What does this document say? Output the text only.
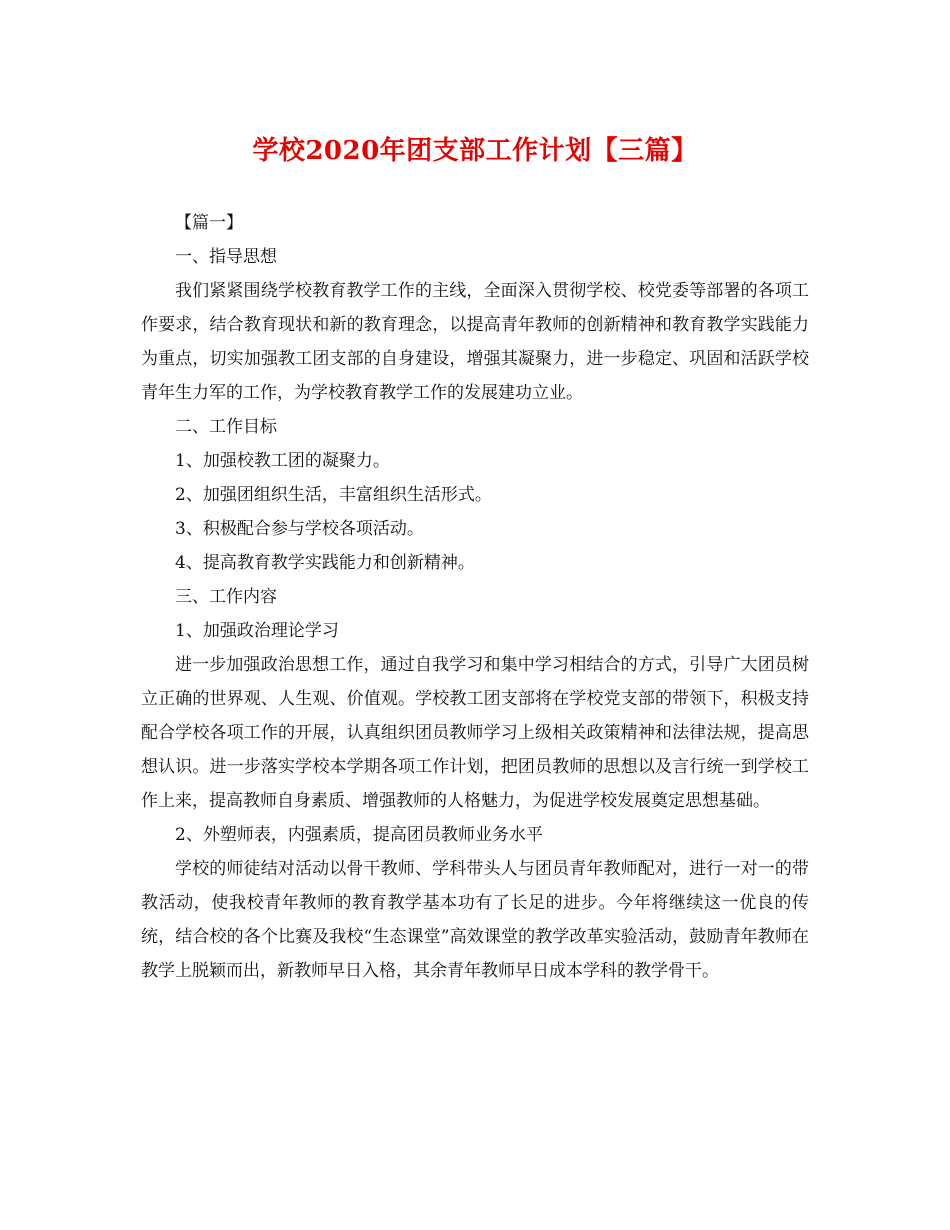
学校2020年团支部工作计划【三篇】

【篇一】

一、指导思想

我们紧紧围绕学校教育教学工作的主线，全面深入贯彻学校、校党委等部署的各项工作要求，结合教育现状和新的教育理念，以提高青年教师的创新精神和教育教学实践能力为重点，切实加强教工团支部的自身建设，增强其凝聚力，进一步稳定、巩固和活跃学校青年生力军的工作，为学校教育教学工作的发展建功立业。

二、工作目标

1、加强校教工团的凝聚力。

2、加强团组织生活，丰富组织生活形式。

3、积极配合参与学校各项活动。

4、提高教育教学实践能力和创新精神。

三、工作内容

1、加强政治理论学习

进一步加强政治思想工作，通过自我学习和集中学习相结合的方式，引导广大团员树立正确的世界观、人生观、价值观。学校教工团支部将在学校党支部的带领下，积极支持配合学校各项工作的开展，认真组织团员教师学习上级相关政策精神和法律法规，提高思想认识。进一步落实学校本学期各项工作计划，把团员教师的思想以及言行统一到学校工作上来，提高教师自身素质、增强教师的人格魅力，为促进学校发展奠定思想基础。

2、外塑师表，内强素质，提高团员教师业务水平

学校的师徒结对活动以骨干教师、学科带头人与团员青年教师配对，进行一对一的带教活动，使我校青年教师的教育教学基本功有了长足的进步。今年将继续这一优良的传统，结合校的各个比赛及我校“生态课堂”高效课堂的教学改革实验活动，鼓励青年教师在教学上脱颖而出，新教师早日入格，其余青年教师早日成本学科的教学骨干。
